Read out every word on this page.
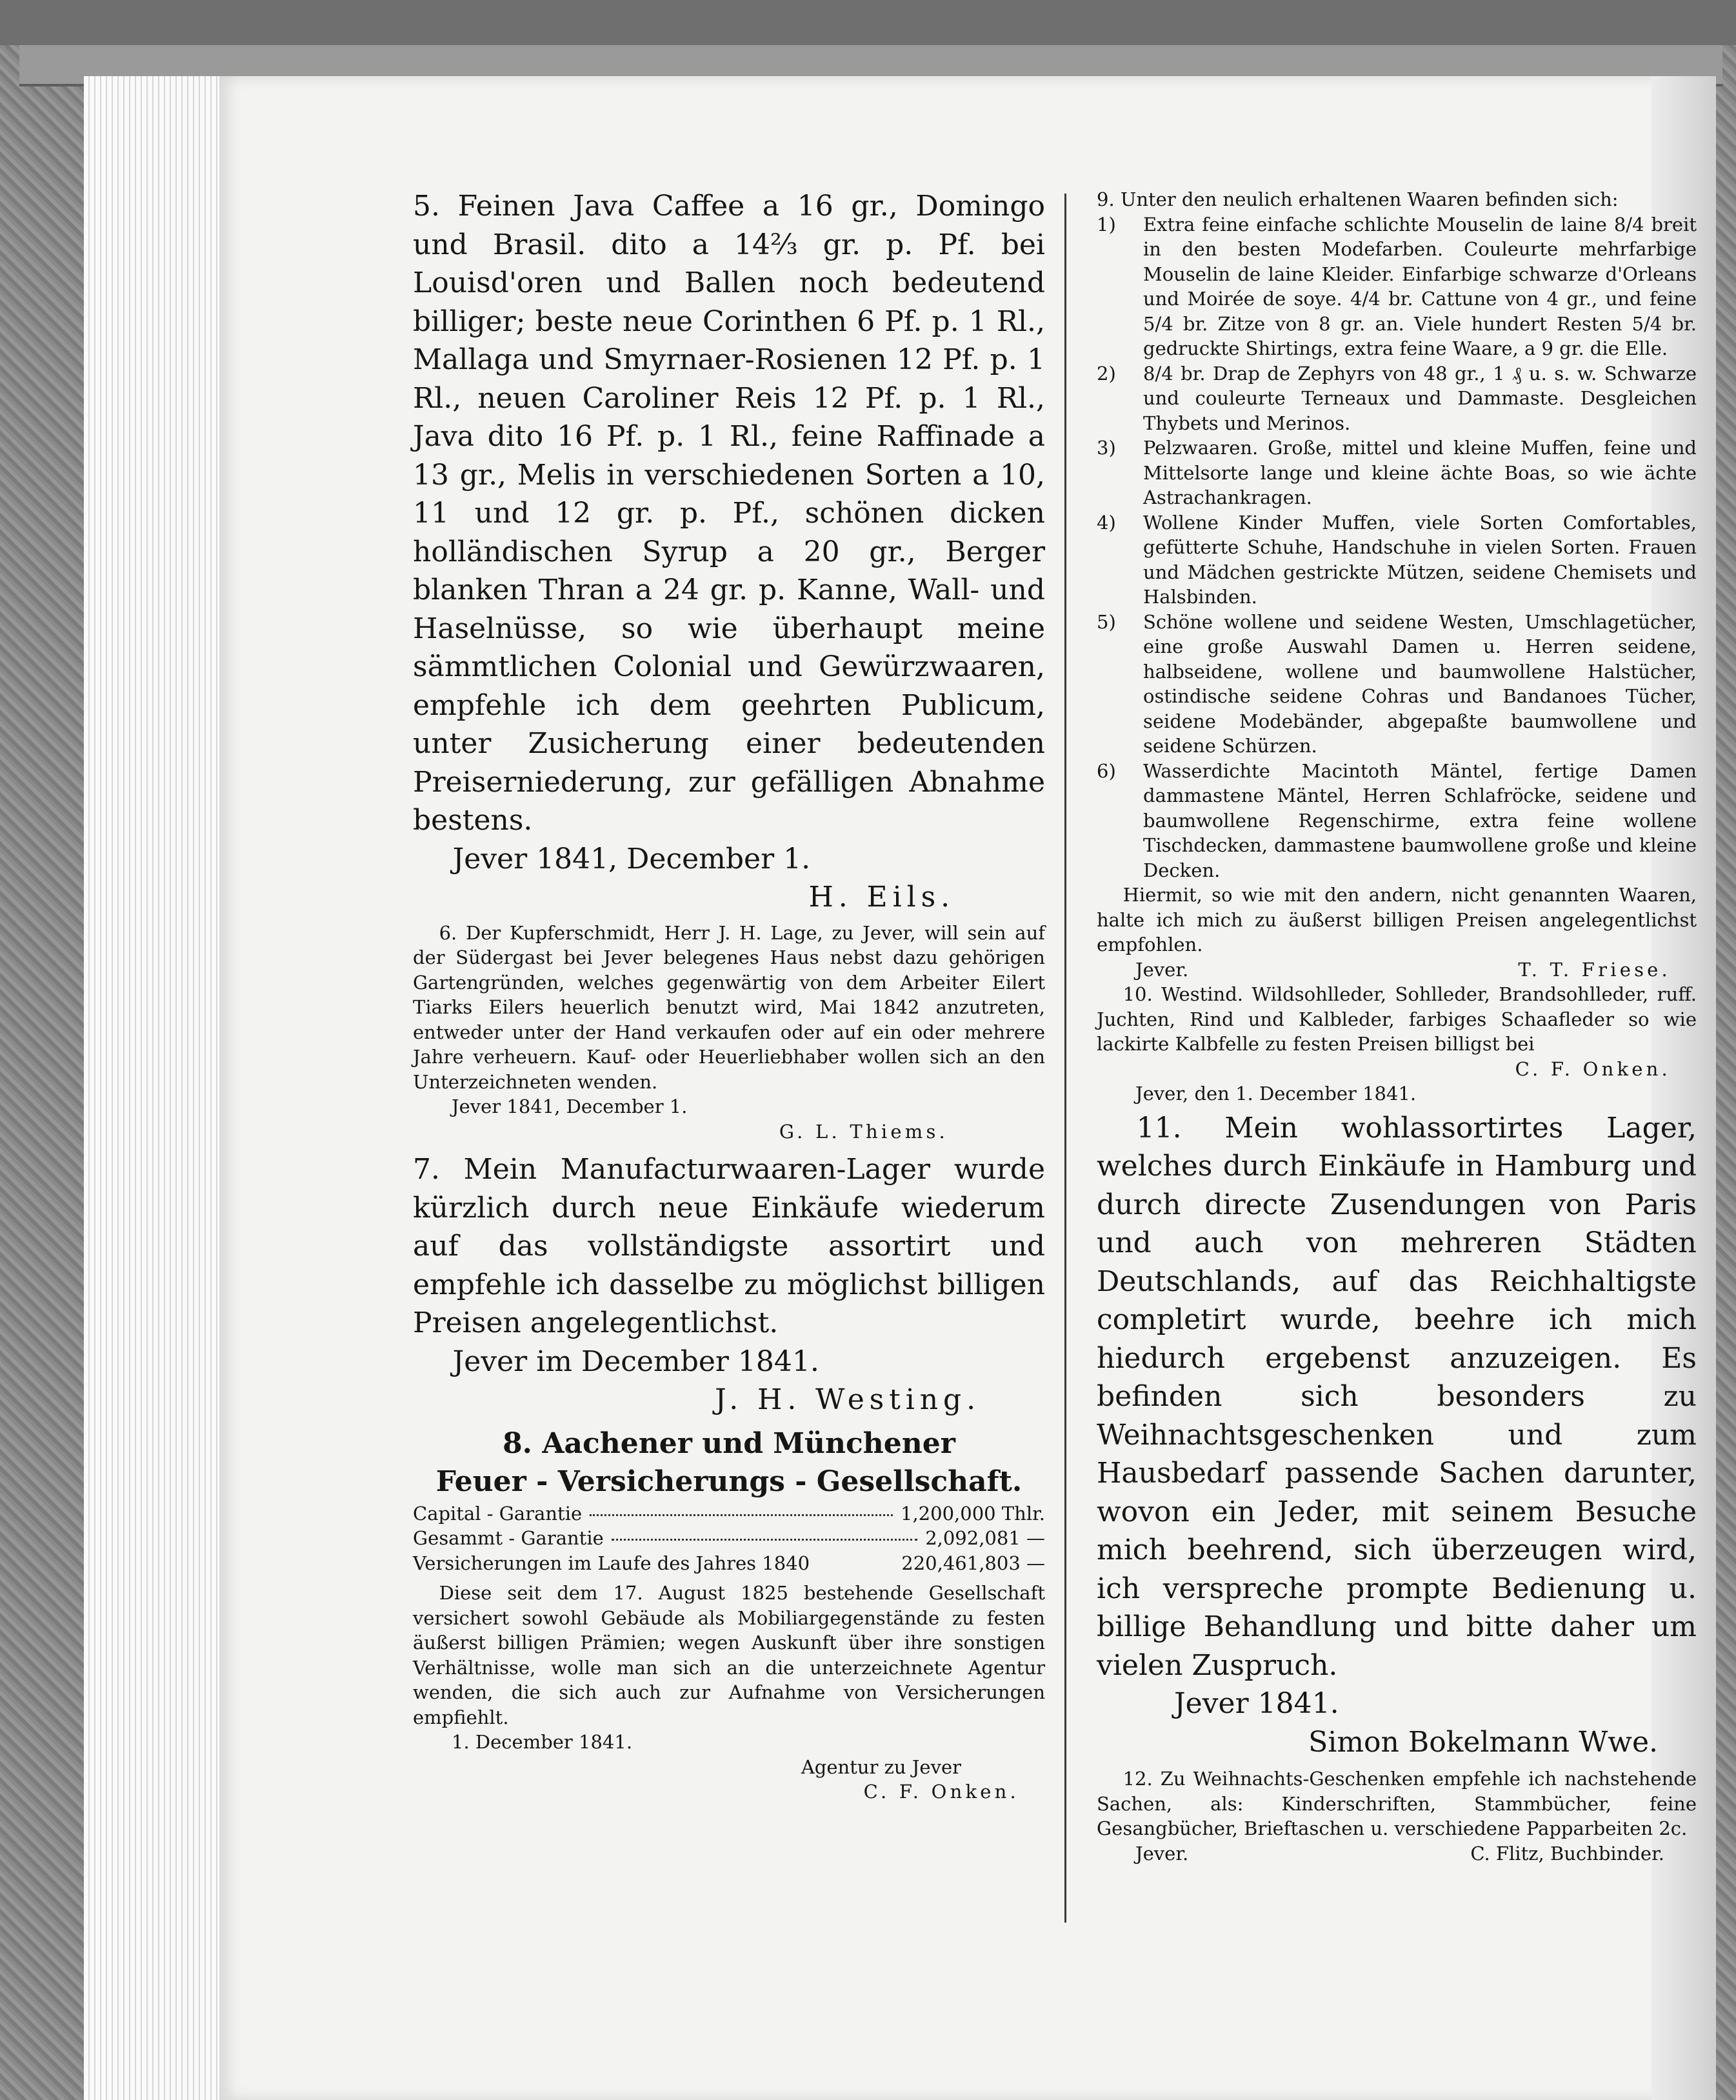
5. Feinen Java Caffee a 16 gr., Domingo und Brasil. dito a 14⅔ gr. p. Pf. bei Louisd'oren und Ballen noch bedeutend billiger; beste neue Corinthen 6 Pf. p. 1 Rl., Mallaga und Smyrnaer-Rosienen 12 Pf. p. 1 Rl., neuen Caroliner Reis 12 Pf. p. 1 Rl., Java dito 16 Pf. p. 1 Rl., feine Raffinade a 13 gr., Melis in verschiedenen Sorten a 10, 11 und 12 gr. p. Pf., schönen dicken holländischen Syrup a 20 gr., Berger blanken Thran a 24 gr. p. Kanne, Wall- und Haselnüsse, so wie überhaupt meine sämmtlichen Colonial und Gewürzwaaren, empfehle ich dem geehrten Publicum, unter Zusicherung einer bedeutenden Preiserniederung, zur gefälligen Abnahme bestens.

Jever 1841, December 1.

H. Eils.

6. Der Kupferschmidt, Herr J. H. Lage, zu Jever, will sein auf der Südergast bei Jever belegenes Haus nebst dazu gehörigen Gartengründen, welches gegenwärtig von dem Arbeiter Eilert Tiarks Eilers heuerlich benutzt wird, Mai 1842 anzutreten, entweder unter der Hand verkaufen oder auf ein oder mehrere Jahre verheuern. Kauf- oder Heuerliebhaber wollen sich an den Unterzeichneten wenden.

Jever 1841, December 1.

G. L. Thiems.

7. Mein Manufacturwaaren-Lager wurde kürzlich durch neue Einkäufe wiederum auf das vollständigste assortirt und empfehle ich dasselbe zu möglichst billigen Preisen angelegentlichst.

Jever im December 1841.

J. H. Westing.

8. Aachener und Münchener

Feuer - Versicherungs - Gesellschaft.

Capital - Garantie	1,200,000 Thlr.
Gesammt - Garantie	2,092,081 —
Versicherungen im Laufe des Jahres 1840	220,461,803 —

Diese seit dem 17. August 1825 bestehende Gesellschaft versichert sowohl Gebäude als Mobiliargegenstände zu festen äußerst billigen Prämien; wegen Auskunft über ihre sonstigen Verhältnisse, wolle man sich an die unterzeichnete Agentur wenden, die sich auch zur Aufnahme von Versicherungen empfiehlt.

1. December 1841.

Agentur zu Jever

C. F. Onken.

9. Unter den neulich erhaltenen Waaren befinden sich:

1)	Extra feine einfache schlichte Mouselin de laine 8/4 breit in den besten Modefarben. Couleurte mehrfarbige Mouselin de laine Kleider. Einfarbige schwarze d'Orleans und Moirée de soye. 4/4 br. Cattune von 4 gr., und feine 5/4 br. Zitze von 8 gr. an. Viele hundert Resten 5/4 br. gedruckte Shirtings, extra feine Waare, a 9 gr. die Elle.
2)	8/4 br. Drap de Zephyrs von 48 gr., 1 ₰ u. s. w. Schwarze und couleurte Terneaux und Dammaste. Desgleichen Thybets und Merinos.
3)	Pelzwaaren. Große, mittel und kleine Muffen, feine und Mittelsorte lange und kleine ächte Boas, so wie ächte Astrachankragen.
4)	Wollene Kinder Muffen, viele Sorten Comfortables, gefütterte Schuhe, Handschuhe in vielen Sorten. Frauen und Mädchen gestrickte Mützen, seidene Chemisets und Halsbinden.
5)	Schöne wollene und seidene Westen, Umschlagetücher, eine große Auswahl Damen u. Herren seidene, halbseidene, wollene und baumwollene Halstücher, ostindische seidene Cohras und Bandanoes Tücher, seidene Modebänder, abgepaßte baumwollene und seidene Schürzen.
6)	Wasserdichte Macintoth Mäntel, fertige Damen dammastene Mäntel, Herren Schlafröcke, seidene und baumwollene Regenschirme, extra feine wollene Tischdecken, dammastene baumwollene große und kleine Decken.

Hiermit, so wie mit den andern, nicht genannten Waaren, halte ich mich zu äußerst billigen Preisen angelegentlichst empfohlen.

Jever.	T. T. Friese.

10. Westind. Wildsohlleder, Sohlleder, Brandsohlleder, ruff. Juchten, Rind und Kalbleder, farbiges Schaafleder so wie lackirte Kalbfelle zu festen Preisen billigst bei

C. F. Onken.

Jever, den 1. December 1841.

11. Mein wohlassortirtes Lager, welches durch Einkäufe in Hamburg und durch directe Zusendungen von Paris und auch von mehreren Städten Deutschlands, auf das Reichhaltigste completirt wurde, beehre ich mich hiedurch ergebenst anzuzeigen. Es befinden sich besonders zu Weihnachtsgeschenken und zum Hausbedarf passende Sachen darunter, wovon ein Jeder, mit seinem Besuche mich beehrend, sich überzeugen wird, ich verspreche prompte Bedienung u. billige Behandlung und bitte daher um vielen Zuspruch.

Jever 1841.

Simon Bokelmann Wwe.

12. Zu Weihnachts-Geschenken empfehle ich nachstehende Sachen, als: Kinderschriften, Stammbücher, feine Gesangbücher, Brieftaschen u. verschiedene Papparbeiten 2c.

Jever.	C. Flitz, Buchbinder.
